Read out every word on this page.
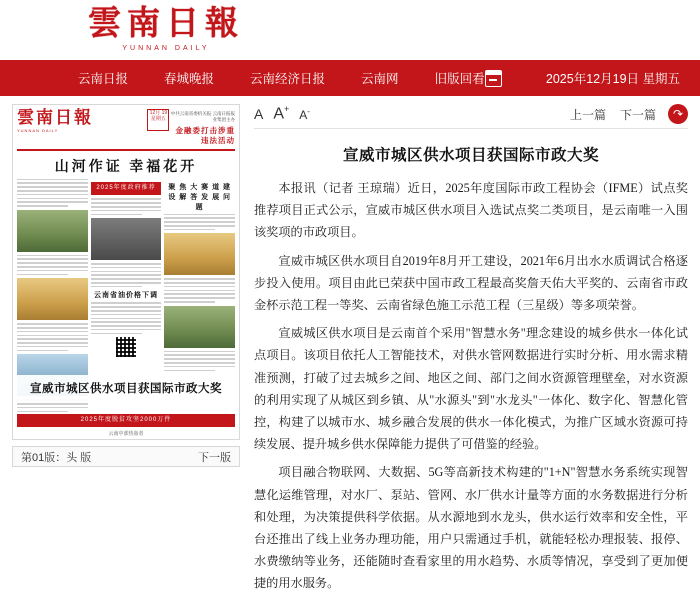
雲南日報
YUNNAN DAILY
云南日报	春城晚报	云南经济日报	云南网	旧版回看	2025年12月19日 星期五
雲南日報
YUNNAN DAILY
12月 19 星期五
中共云南省委机关报 云南日报报业集团主办
金融委打击涉重违法活动
山河作证 幸福花开
2025年度政府推荐
云南省油价格下调
聚 焦 大 赛 道 建 设 解 答 发 展 问 题
2025年度脱贫攻坚2000万件
云南中部热血者
宣威市城区供水项目获国际市政大奖
第01版：头 版	下一版
A A+ A-	上一篇 下一篇	↷
宣威市城区供水项目获国际市政大奖

本报讯（记者 王琼瑞）近日，2025年度国际市政工程协会（IFME）试点奖推荐项目正式公示，宣威市城区供水项目入选试点奖二类项目，是云南唯一入围该奖项的市政项目。

宣威市城区供水项目自2019年8月开工建设，2021年6月出水水质调试合格逐步投入使用。项目由此已荣获中国市政工程最高奖詹天佑大平奖的、云南省市政金杯示范工程一等奖、云南省绿色施工示范工程（三星级）等多项荣誉。

宣威城区供水项目是云南首个采用"智慧水务"理念建设的城乡供水一体化试点项目。该项目依托人工智能技术，对供水管网数据进行实时分析、用水需求精准预测，打破了过去城乡之间、地区之间、部门之间水资源管理壁垒，对水资源的利用实现了从城区到乡镇、从"水源头"到"水龙头"一体化、数字化、智慧化管控，构建了以城市水、城乡融合发展的供水一体化模式，为推广区域水资源可持续发展、提升城乡供水保障能力提供了可借鉴的经验。

项目融合物联网、大数据、5G等高新技术构建的"1+N"智慧水务系统实现智慧化运维管理，对水厂、泵站、管网、水厂供水计量等方面的水务数据进行分析和处理，为决策提供科学依据。从水源地到水龙头，供水运行效率和安全性，平台还推出了线上业务办理功能，用户只需通过手机，就能轻松办理报装、报停、水费缴纳等业务，还能随时查看家里的用水趋势、水质等情况，享受到了更加便捷的用水服务。
